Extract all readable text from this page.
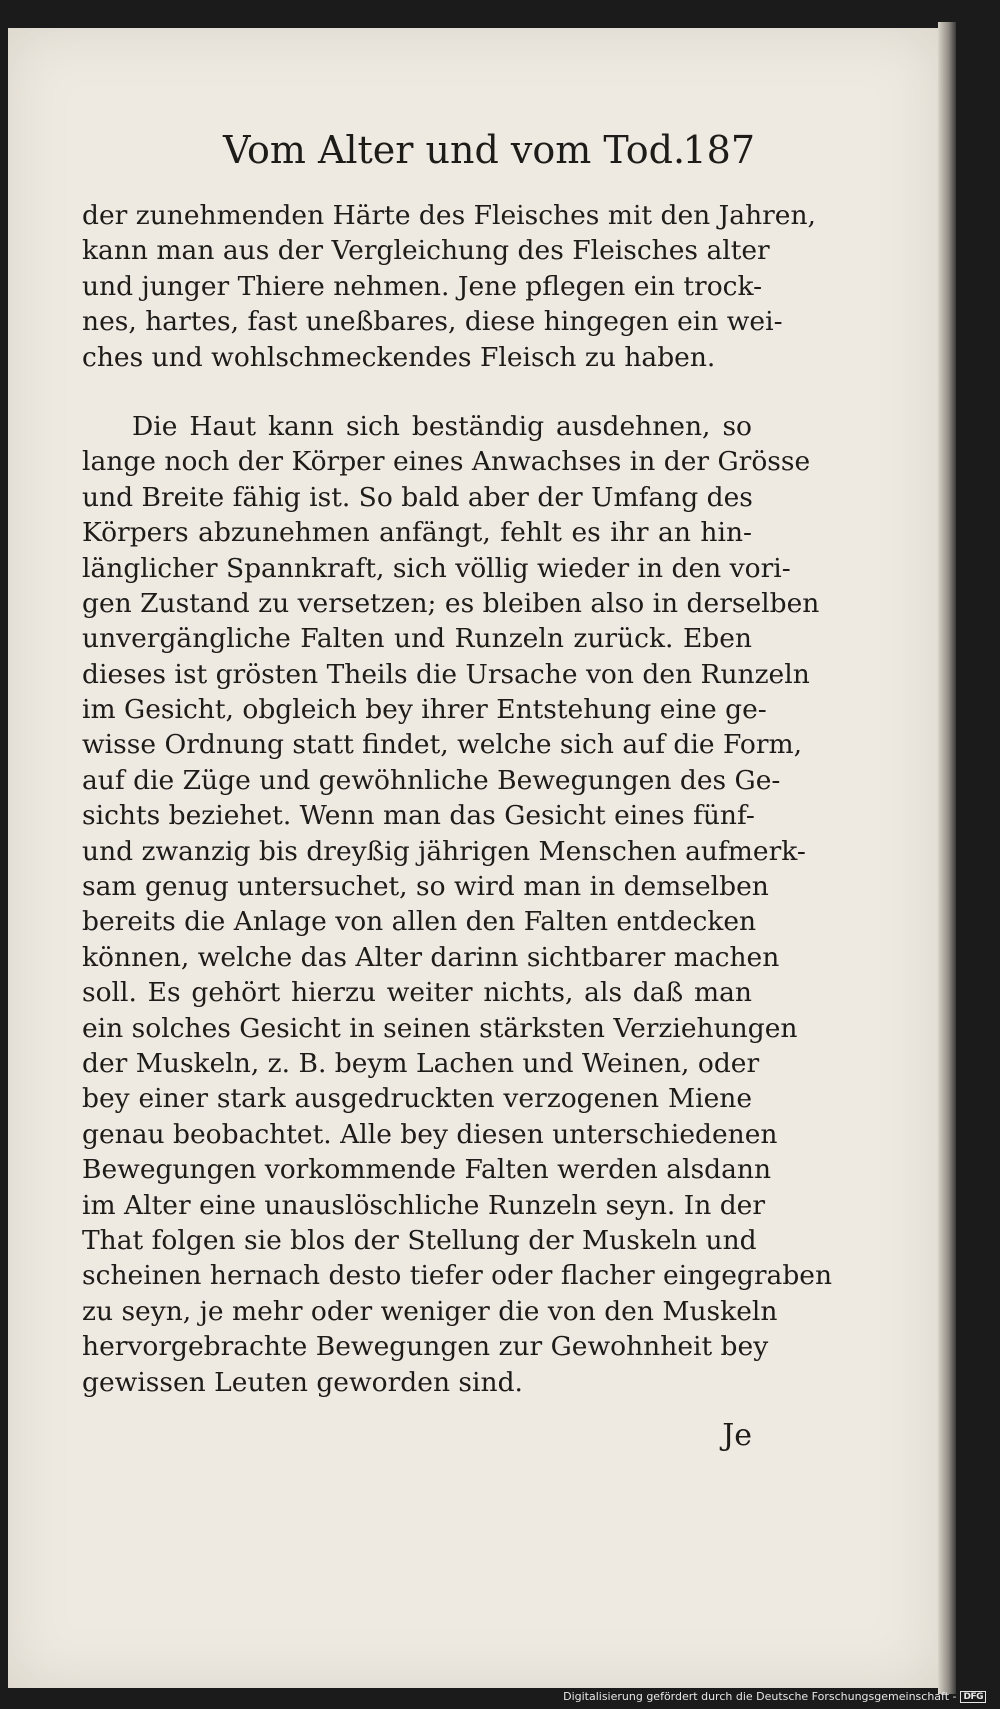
Vom Alter und vom Tod.
187
der zunehmenden Härte des Fleisches mit den Jahren,
kann man aus der Vergleichung des Fleisches alter
und junger Thiere nehmen. Jene pflegen ein trock-
nes, hartes, fast uneßbares, diese hingegen ein wei-
ches und wohlschmeckendes Fleisch zu haben.
Die Haut kann sich beständig ausdehnen, so
lange noch der Körper eines Anwachses in der Grösse
und Breite fähig ist. So bald aber der Umfang des
Körpers abzunehmen anfängt, fehlt es ihr an hin-
länglicher Spannkraft, sich völlig wieder in den vori-
gen Zustand zu versetzen; es bleiben also in derselben
unvergängliche Falten und Runzeln zurück. Eben
dieses ist grösten Theils die Ursache von den Runzeln
im Gesicht, obgleich bey ihrer Entstehung eine ge-
wisse Ordnung statt findet, welche sich auf die Form,
auf die Züge und gewöhnliche Bewegungen des Ge-
sichts beziehet. Wenn man das Gesicht eines fünf-
und zwanzig bis dreyßig jährigen Menschen aufmerk-
sam genug untersuchet, so wird man in demselben
bereits die Anlage von allen den Falten entdecken
können, welche das Alter darinn sichtbarer machen
soll. Es gehört hierzu weiter nichts, als daß man
ein solches Gesicht in seinen stärksten Verziehungen
der Muskeln, z. B. beym Lachen und Weinen, oder
bey einer stark ausgedruckten verzogenen Miene
genau beobachtet. Alle bey diesen unterschiedenen
Bewegungen vorkommende Falten werden alsdann
im Alter eine unauslöschliche Runzeln seyn. In der
That folgen sie blos der Stellung der Muskeln und
scheinen hernach desto tiefer oder flacher eingegraben
zu seyn, je mehr oder weniger die von den Muskeln
hervorgebrachte Bewegungen zur Gewohnheit bey
gewissen Leuten geworden sind.
Je
Digitalisierung gefördert durch die Deutsche Forschungsgemeinschaft - DFG
